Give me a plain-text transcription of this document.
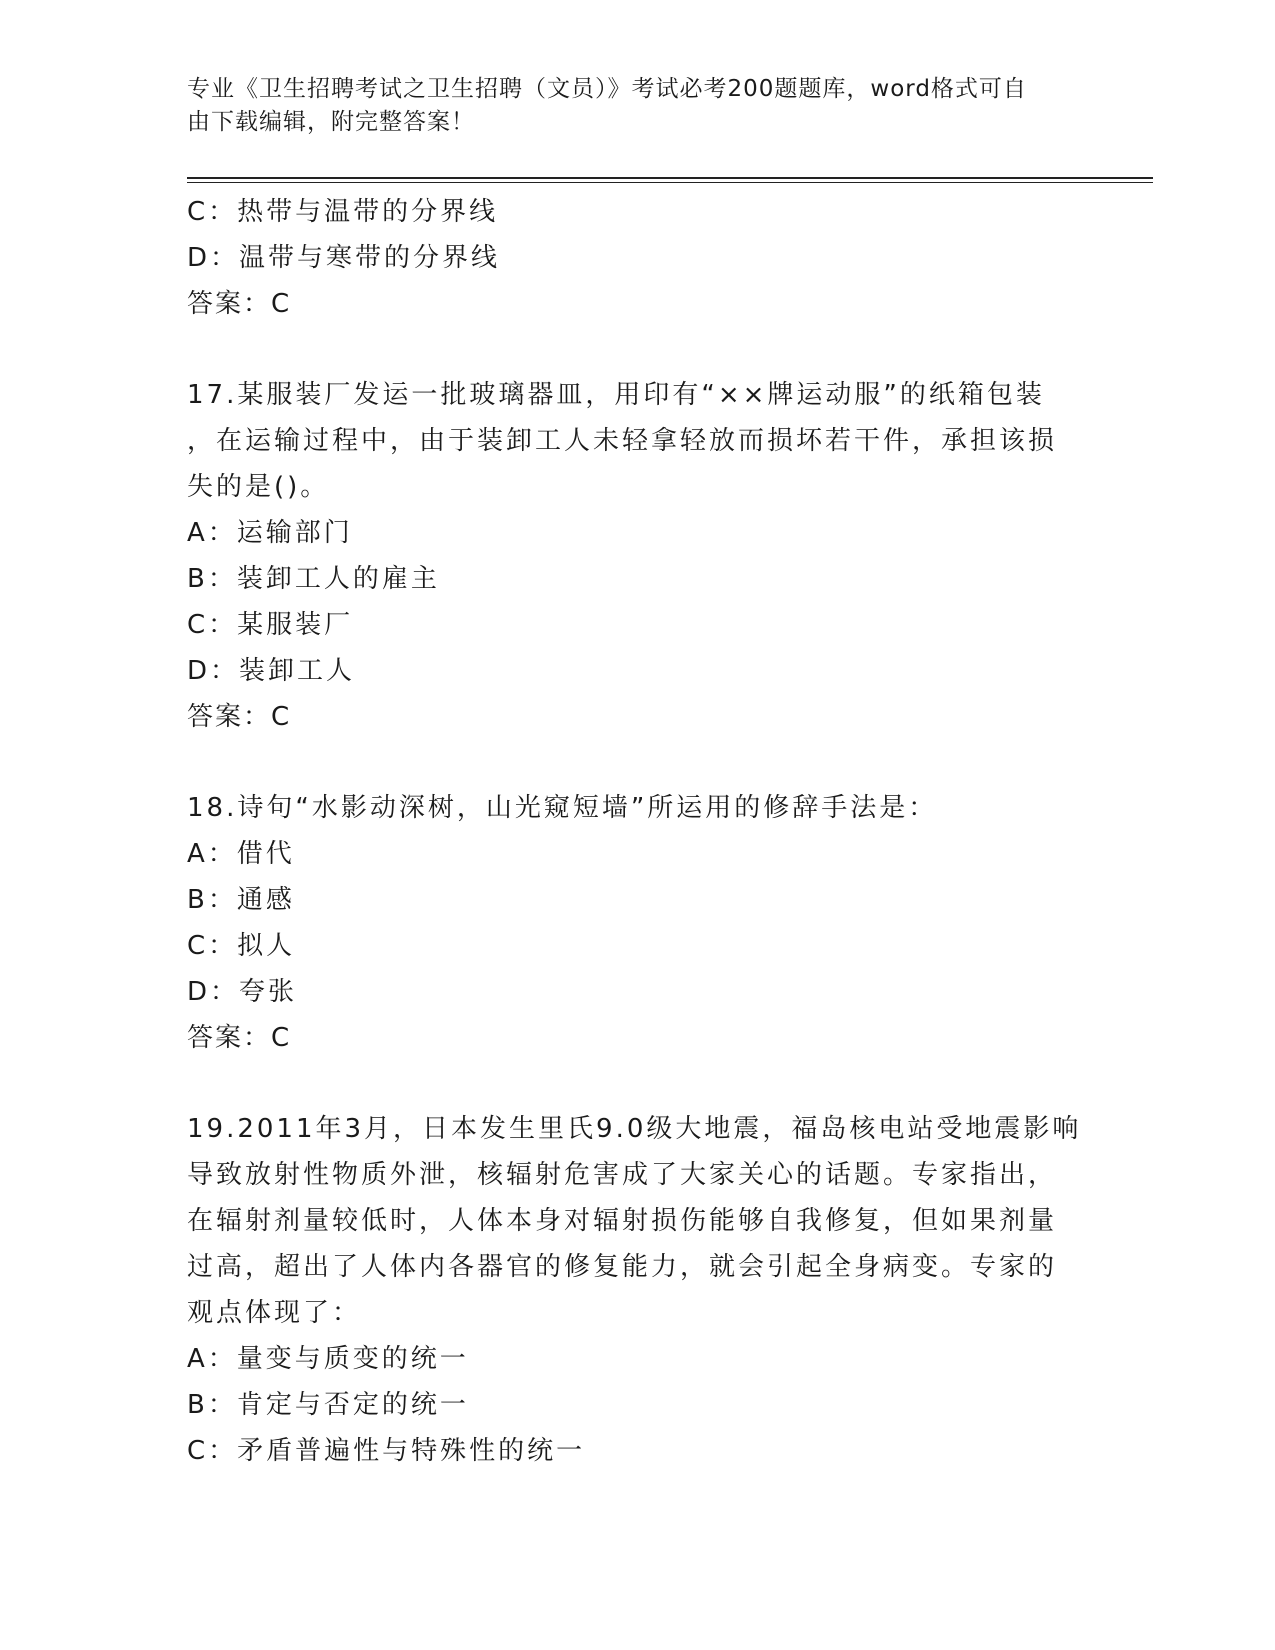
专业《卫生招聘考试之卫生招聘（文员）》考试必考200题题库，word格式可自
由下载编辑，附完整答案！
C：热带与温带的分界线
D：温带与寒带的分界线
答案：C
17.某服装厂发运一批玻璃器皿，用印有“××牌运动服”的纸箱包装
，在运输过程中，由于装卸工人未轻拿轻放而损坏若干件，承担该损
失的是()。
A：运输部门
B：装卸工人的雇主
C：某服装厂
D：装卸工人
答案：C
18.诗句“水影动深树，山光窥短墙”所运用的修辞手法是：
A：借代
B：通感
C：拟人
D：夸张
答案：C
19.2011年3月，日本发生里氏9.0级大地震，福岛核电站受地震影响
导致放射性物质外泄，核辐射危害成了大家关心的话题。专家指出，
在辐射剂量较低时，人体本身对辐射损伤能够自我修复，但如果剂量
过高，超出了人体内各器官的修复能力，就会引起全身病变。专家的
观点体现了：
A：量变与质变的统一
B：肯定与否定的统一
C：矛盾普遍性与特殊性的统一
